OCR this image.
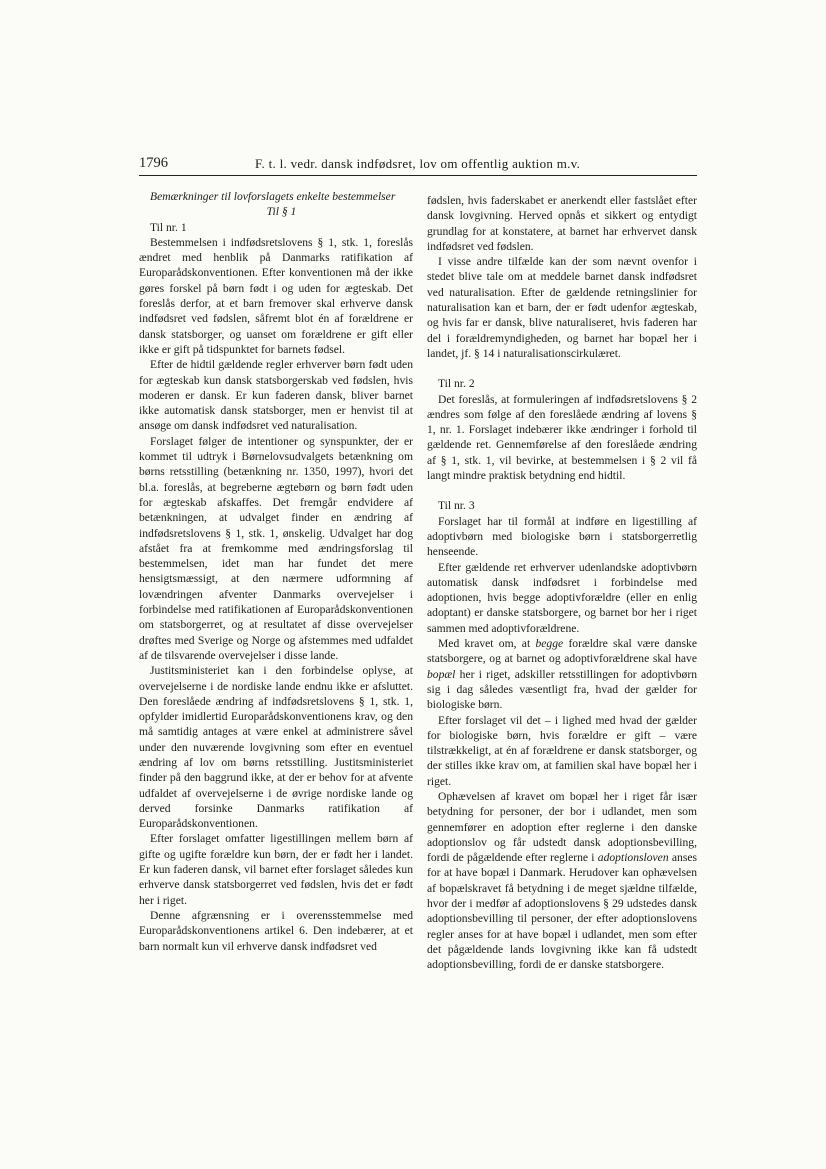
1796	F. t. l. vedr. dansk indfødsret, lov om offentlig auktion m.v.

Bemærkninger til lovforslagets enkelte bestemmelser

Til § 1

Til nr. 1

Bestemmelsen i indfødsretslovens § 1, stk. 1, foreslås ændret med henblik på Danmarks ratifikation af Europarådskonventionen. Efter konventionen må der ikke gøres forskel på børn født i og uden for ægteskab. Det foreslås derfor, at et barn fremover skal erhverve dansk indfødsret ved fødslen, såfremt blot én af forældrene er dansk statsborger, og uanset om forældrene er gift eller ikke er gift på tidspunktet for barnets fødsel.

Efter de hidtil gældende regler erhverver børn født uden for ægteskab kun dansk statsborgerskab ved fødslen, hvis moderen er dansk. Er kun faderen dansk, bliver barnet ikke automatisk dansk statsborger, men er henvist til at ansøge om dansk indfødsret ved naturalisation.

Forslaget følger de intentioner og synspunkter, der er kommet til udtryk i Børnelovsudvalgets betænkning om børns retsstilling (betænkning nr. 1350, 1997), hvori det bl.a. foreslås, at begreberne ægtebørn og børn født uden for ægteskab afskaffes. Det fremgår endvidere af betænkningen, at udvalget finder en ændring af indfødsretslovens § 1, stk. 1, ønskelig. Udvalget har dog afstået fra at fremkomme med ændringsforslag til bestemmelsen, idet man har fundet det mere hensigtsmæssigt, at den nærmere udformning af lovændringen afventer Danmarks overvejelser i forbindelse med ratifikationen af Europarådskonventionen om statsborgerret, og at resultatet af disse overvejelser drøftes med Sverige og Norge og afstemmes med udfaldet af de tilsvarende overvejelser i disse lande.

Justitsministeriet kan i den forbindelse oplyse, at overvejelserne i de nordiske lande endnu ikke er afsluttet. Den foreslåede ændring af indfødsretslovens § 1, stk. 1, opfylder imidlertid Europarådskonventionens krav, og den må samtidig antages at være enkel at administrere såvel under den nuværende lovgivning som efter en eventuel ændring af lov om børns retsstilling. Justitsministeriet finder på den baggrund ikke, at der er behov for at afvente udfaldet af overvejelserne i de øvrige nordiske lande og derved forsinke Danmarks ratifikation af Europarådskonventionen.

Efter forslaget omfatter ligestillingen mellem børn af gifte og ugifte forældre kun børn, der er født her i landet. Er kun faderen dansk, vil barnet efter forslaget således kun erhverve dansk statsborgerret ved fødslen, hvis det er født her i riget.

Denne afgrænsning er i overensstemmelse med Europarådskonventionens artikel 6. Den indebærer, at et barn normalt kun vil erhverve dansk indfødsret ved

fødslen, hvis faderskabet er anerkendt eller fastslået efter dansk lovgivning. Herved opnås et sikkert og entydigt grundlag for at konstatere, at barnet har erhvervet dansk indfødsret ved fødslen.

I visse andre tilfælde kan der som nævnt ovenfor i stedet blive tale om at meddele barnet dansk indfødsret ved naturalisation. Efter de gældende retningslinier for naturalisation kan et barn, der er født udenfor ægteskab, og hvis far er dansk, blive naturaliseret, hvis faderen har del i forældremyndigheden, og barnet har bopæl her i landet, jf. § 14 i naturalisationscirkulæret.

Til nr. 2

Det foreslås, at formuleringen af indfødsretslovens § 2 ændres som følge af den foreslåede ændring af lovens § 1, nr. 1. Forslaget indebærer ikke ændringer i forhold til gældende ret. Gennemførelse af den foreslåede ændring af § 1, stk. 1, vil bevirke, at bestemmelsen i § 2 vil få langt mindre praktisk betydning end hidtil.

Til nr. 3

Forslaget har til formål at indføre en ligestilling af adoptivbørn med biologiske børn i statsborgerretlig henseende.

Efter gældende ret erhverver udenlandske adoptivbørn automatisk dansk indfødsret i forbindelse med adoptionen, hvis begge adoptivforældre (eller en enlig adoptant) er danske statsborgere, og barnet bor her i riget sammen med adoptivforældrene.

Med kravet om, at begge forældre skal være danske statsborgere, og at barnet og adoptivforældrene skal have bopæl her i riget, adskiller retsstillingen for adoptivbørn sig i dag således væsentligt fra, hvad der gælder for biologiske børn.

Efter forslaget vil det – i lighed med hvad der gælder for biologiske børn, hvis forældre er gift – være tilstrækkeligt, at én af forældrene er dansk statsborger, og der stilles ikke krav om, at familien skal have bopæl her i riget.

Ophævelsen af kravet om bopæl her i riget får især betydning for personer, der bor i udlandet, men som gennemfører en adoption efter reglerne i den danske adoptionslov og får udstedt dansk adoptionsbevilling, fordi de pågældende efter reglerne i adoptionsloven anses for at have bopæl i Danmark. Herudover kan ophævelsen af bopælskravet få betydning i de meget sjældne tilfælde, hvor der i medfør af adoptionslovens § 29 udstedes dansk adoptionsbevilling til personer, der efter adoptionslovens regler anses for at have bopæl i udlandet, men som efter det pågældende lands lovgivning ikke kan få udstedt adoptionsbevilling, fordi de er danske statsborgere.
